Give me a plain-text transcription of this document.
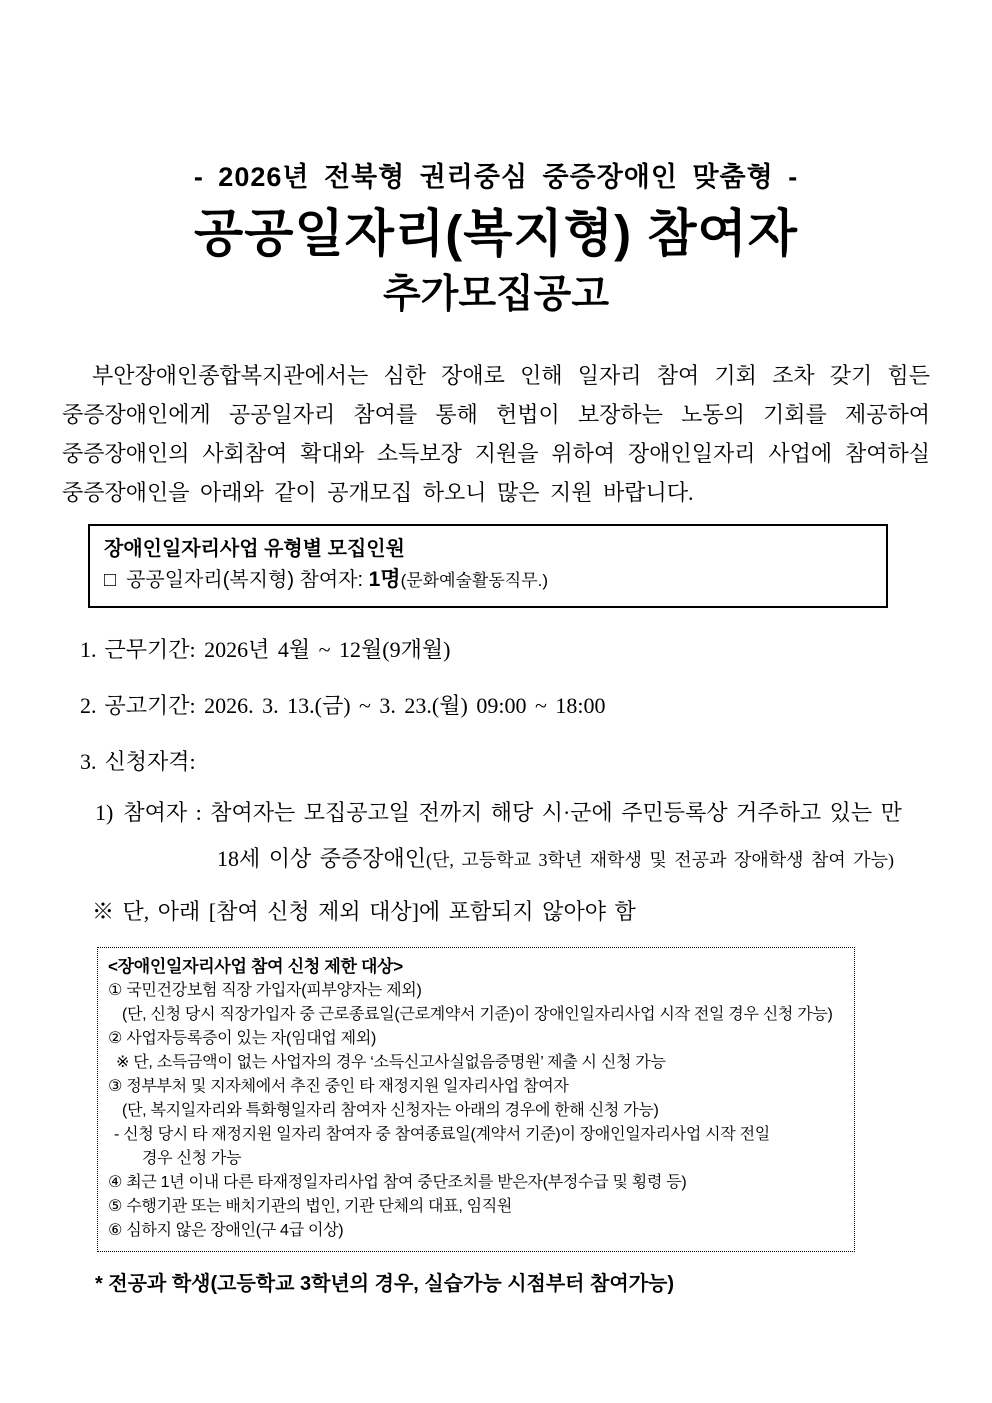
- 2026년 전북형 권리중심 중증장애인 맞춤형 -
공공일자리(복지형) 참여자
추가모집공고

부안장애인종합복지관에서는 심한 장애로 인해 일자리 참여 기회 조차 갖기 힘든 중증장애인에게 공공일자리 참여를 통해 헌법이 보장하는 노동의 기회를 제공하여 중증장애인의 사회참여 확대와 소득보장 지원을 위하여 장애인일자리 사업에 참여하실 중증장애인을 아래와 같이 공개모집 하오니 많은 지원 바랍니다.

장애인일자리사업 유형별 모집인원
□ 공공일자리(복지형) 참여자: 1명(문화예술활동직무.)
1. 근무기간: 2026년 4월 ~ 12월(9개월)
2. 공고기간: 2026. 3. 13.(금) ~ 3. 23.(월) 09:00 ~ 18:00
3. 신청자격:
1) 참여자 : 참여자는 모집공고일 전까지 해당 시·군에 주민등록상 거주하고 있는 만
18세 이상 중증장애인(단, 고등학교 3학년 재학생 및 전공과 장애학생 참여 가능)
※ 단, 아래 [참여 신청 제외 대상]에 포함되지 않아야 함
<장애인일자리사업 참여 신청 제한 대상>
① 국민건강보험 직장 가입자(피부양자는 제외)
(단, 신청 당시 직장가입자 중 근로종료일(근로계약서 기준)이 장애인일자리사업 시작 전일 경우 신청 가능)
② 사업자등록증이 있는 자(임대업 제외)
※ 단, 소득금액이 없는 사업자의 경우 ‘소득신고사실없음증명원’ 제출 시 신청 가능
③ 정부부처 및 지자체에서 추진 중인 타 재정지원 일자리사업 참여자
(단, 복지일자리와 특화형일자리 참여자 신청자는 아래의 경우에 한해 신청 가능)
- 신청 당시 타 재정지원 일자리 참여자 중 참여종료일(계약서 기준)이 장애인일자리사업 시작 전일
경우 신청 가능
④ 최근 1년 이내 다른 타재정일자리사업 참여 중단조치를 받은자(부정수급 및 횡령 등)
⑤ 수행기관 또는 배치기관의 법인, 기관 단체의 대표, 임직원
⑥ 심하지 않은 장애인(구 4급 이상)
* 전공과 학생(고등학교 3학년의 경우, 실습가능 시점부터 참여가능)
